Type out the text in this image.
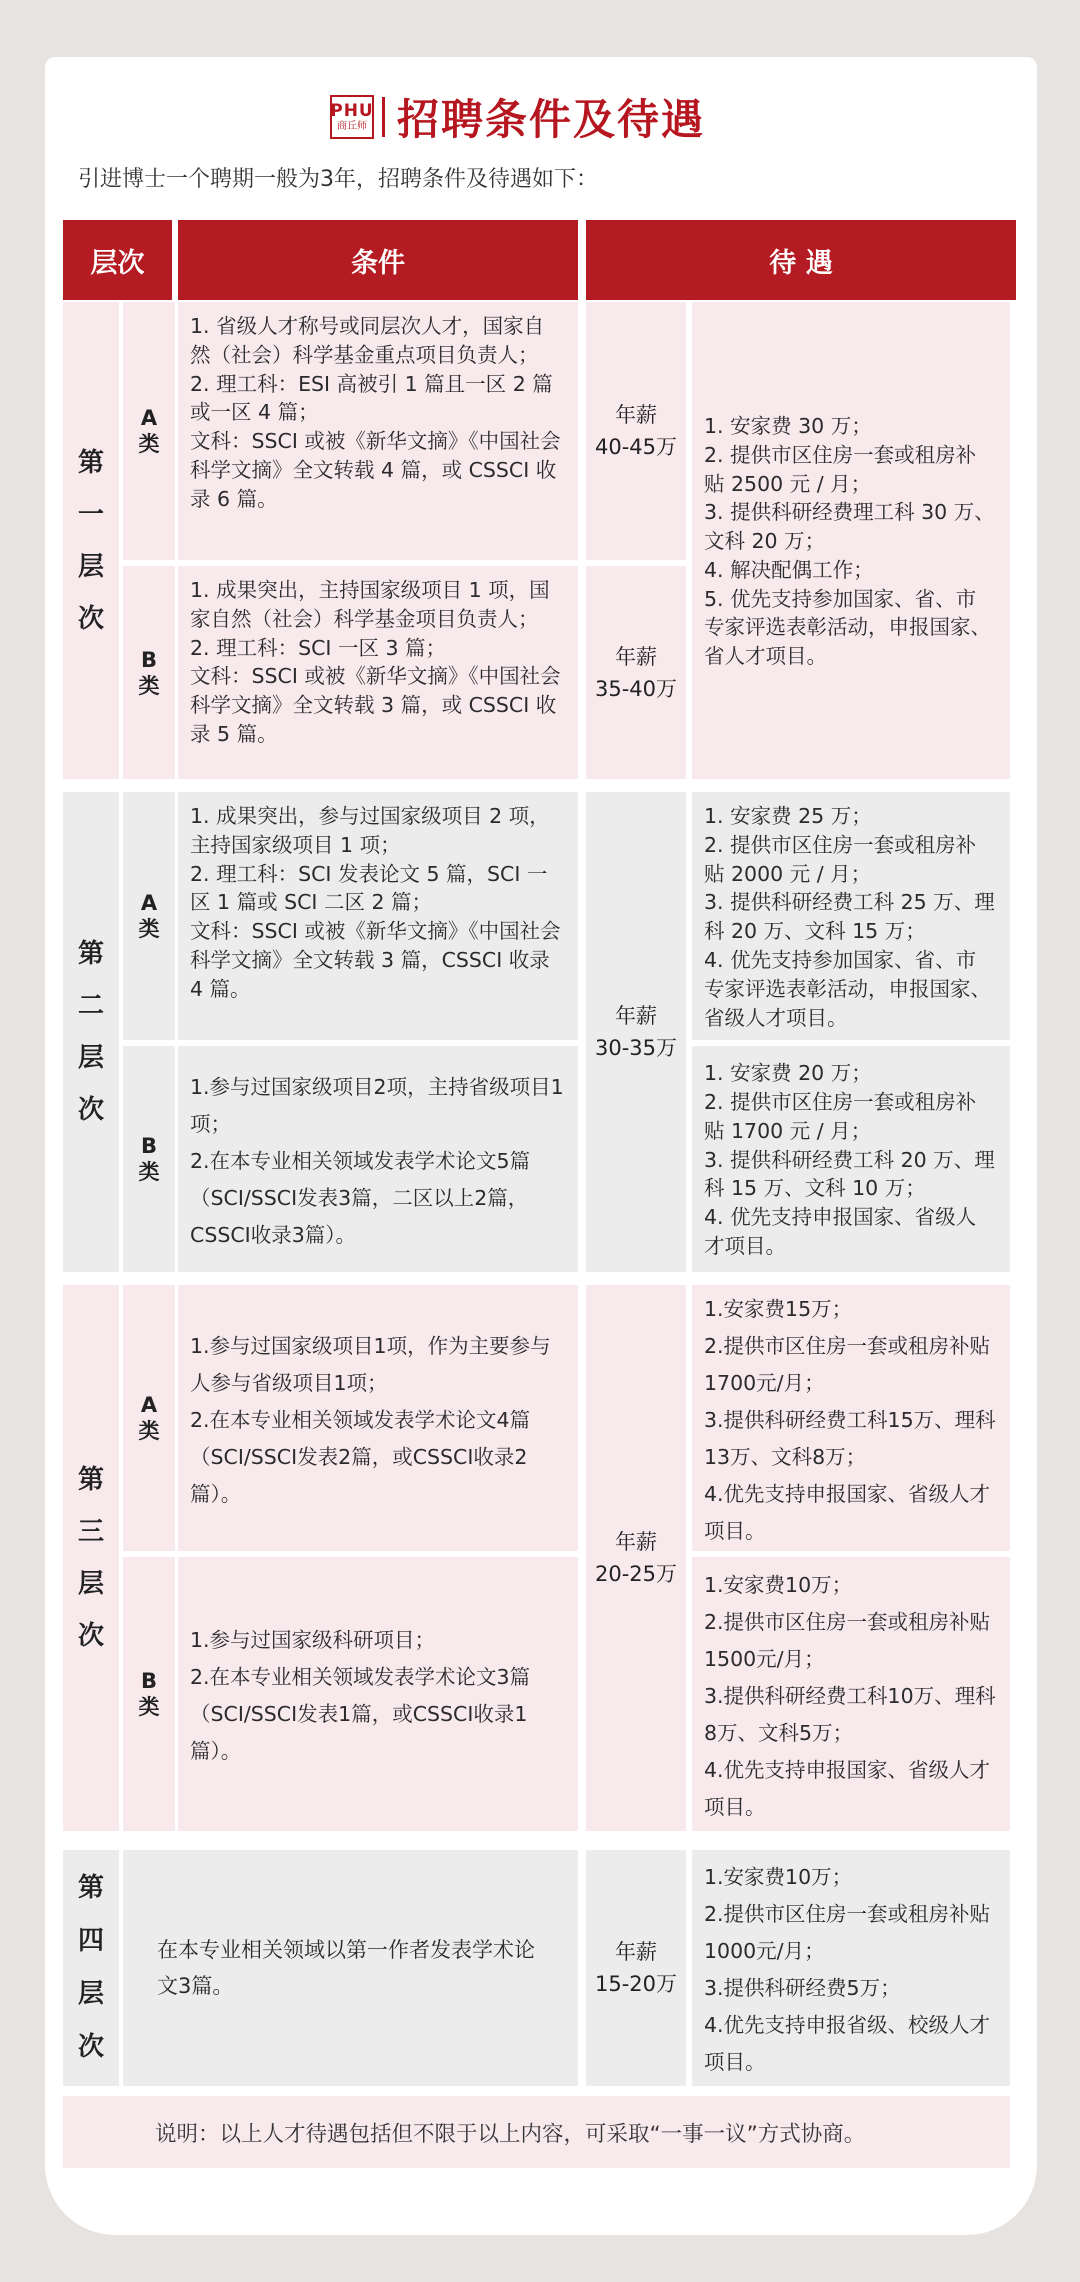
PHU
商丘师 招聘条件及待遇
引进博士一个聘期一般为3年，招聘条件及待遇如下：
层次	条件	待 遇
第
一
层
次
A
类
1. 省级人才称号或同层次人才，国家自然（社会）科学基金重点项目负责人；
2. 理工科：ESI 高被引 1 篇且一区 2 篇或一区 4 篇；
文科：SSCI 或被《新华文摘》《中国社会科学文摘》全文转载 4 篇，或 CSSCI 收录 6 篇。
年薪
40-45万
B
类
1. 成果突出，主持国家级项目 1 项，国家自然（社会）科学基金项目负责人；
2. 理工科：SCI 一区 3 篇；
文科：SSCI 或被《新华文摘》《中国社会科学文摘》全文转载 3 篇，或 CSSCI 收录 5 篇。
年薪
35-40万
1. 安家费 30 万；
2. 提供市区住房一套或租房补贴 2500 元 / 月；
3. 提供科研经费理工科 30 万、文科 20 万；
4. 解决配偶工作；
5. 优先支持参加国家、省、市专家评选表彰活动，申报国家、省人才项目。
第
二
层
次
A
类
1. 成果突出，参与过国家级项目 2 项，主持国家级项目 1 项；
2. 理工科：SCI 发表论文 5 篇，SCI 一区 1 篇或 SCI 二区 2 篇；
文科：SSCI 或被《新华文摘》《中国社会科学文摘》全文转载 3 篇，CSSCI 收录 4 篇。
B
类
1.参与过国家级项目2项，主持省级项目1项；
2.在本专业相关领域发表学术论文5篇（SCI/SSCI发表3篇，二区以上2篇，CSSCI收录3篇）。
年薪
30-35万
1. 安家费 25 万；
2. 提供市区住房一套或租房补贴 2000 元 / 月；
3. 提供科研经费工科 25 万、理科 20 万、文科 15 万；
4. 优先支持参加国家、省、市专家评选表彰活动，申报国家、省级人才项目。
1. 安家费 20 万；
2. 提供市区住房一套或租房补贴 1700 元 / 月；
3. 提供科研经费工科 20 万、理科 15 万、文科 10 万；
4. 优先支持申报国家、省级人才项目。
第
三
层
次
A
类
1.参与过国家级项目1项，作为主要参与人参与省级项目1项；
2.在本专业相关领域发表学术论文4篇（SCI/SSCI发表2篇，或CSSCI收录2篇）。
B
类
1.参与过国家级科研项目；
2.在本专业相关领域发表学术论文3篇（SCI/SSCI发表1篇，或CSSCI收录1篇）。
年薪
20-25万
1.安家费15万；
2.提供市区住房一套或租房补贴1700元/月；
3.提供科研经费工科15万、理科13万、文科8万；
4.优先支持申报国家、省级人才项目。
1.安家费10万；
2.提供市区住房一套或租房补贴1500元/月；
3.提供科研经费工科10万、理科8万、文科5万；
4.优先支持申报国家、省级人才项目。
第
四
层
次
在本专业相关领域以第一作者发表学术论文3篇。
年薪
15-20万
1.安家费10万；
2.提供市区住房一套或租房补贴1000元/月；
3.提供科研经费5万；
4.优先支持申报省级、校级人才项目。
说明：以上人才待遇包括但不限于以上内容，可采取“一事一议”方式协商。
